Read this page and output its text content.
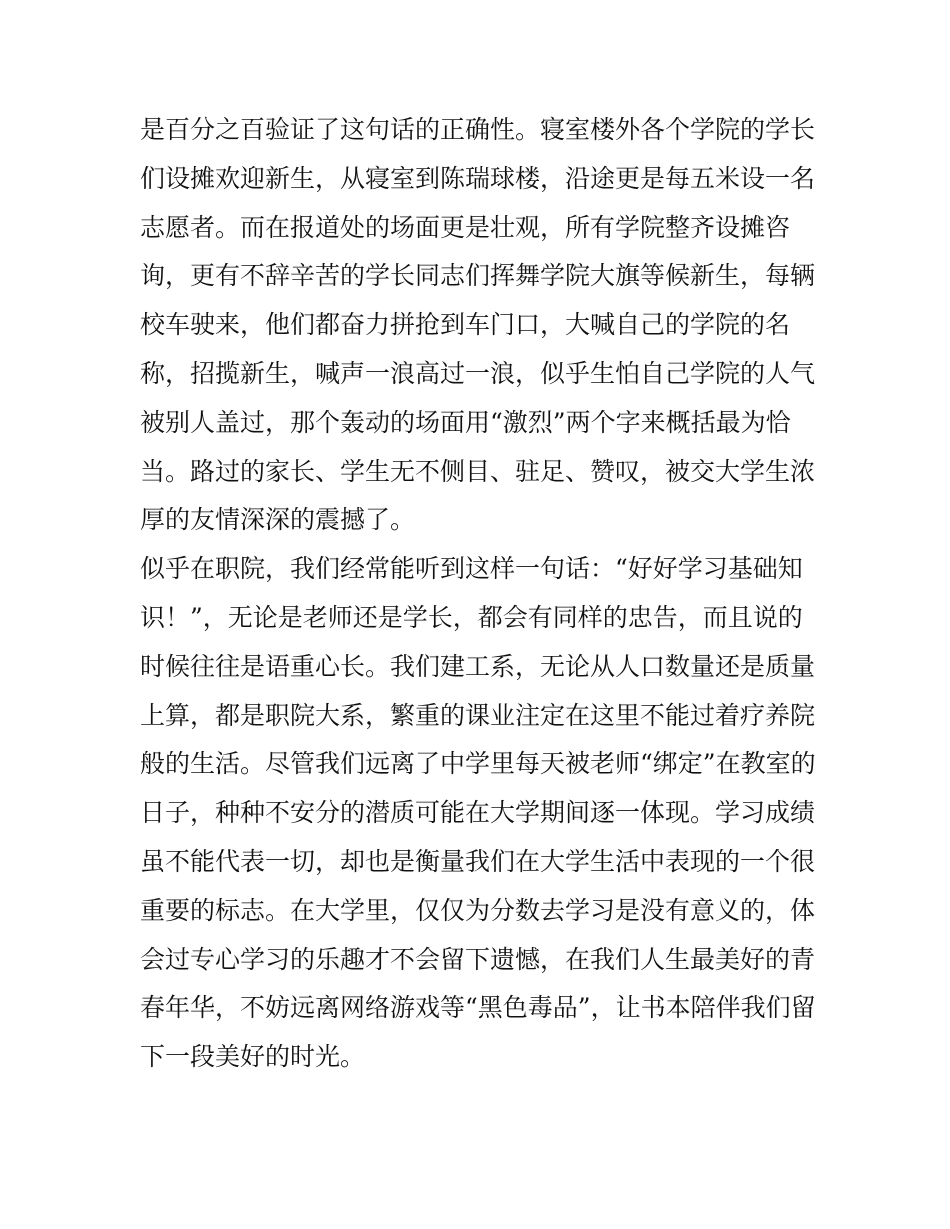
是百分之百验证了这句话的正确性。寝室楼外各个学院的学长
们设摊欢迎新生，从寝室到陈瑞球楼，沿途更是每五米设一名
志愿者。而在报道处的场面更是壮观，所有学院整齐设摊咨
询，更有不辞辛苦的学长同志们挥舞学院大旗等候新生，每辆
校车驶来，他们都奋力拼抢到车门口，大喊自己的学院的名
称，招揽新生，喊声一浪高过一浪，似乎生怕自己学院的人气
被别人盖过，那个轰动的场面用“激烈”两个字来概括最为恰
当。路过的家长、学生无不侧目、驻足、赞叹，被交大学生浓
厚的友情深深的震撼了。
似乎在职院，我们经常能听到这样一句话：“好好学习基础知
识！”，无论是老师还是学长，都会有同样的忠告，而且说的
时候往往是语重心长。我们建工系，无论从人口数量还是质量
上算，都是职院大系，繁重的课业注定在这里不能过着疗养院
般的生活。尽管我们远离了中学里每天被老师“绑定”在教室的
日子，种种不安分的潜质可能在大学期间逐一体现。学习成绩
虽不能代表一切，却也是衡量我们在大学生活中表现的一个很
重要的标志。在大学里，仅仅为分数去学习是没有意义的，体
会过专心学习的乐趣才不会留下遗憾，在我们人生最美好的青
春年华，不妨远离网络游戏等“黑色毒品”，让书本陪伴我们留
下一段美好的时光。
